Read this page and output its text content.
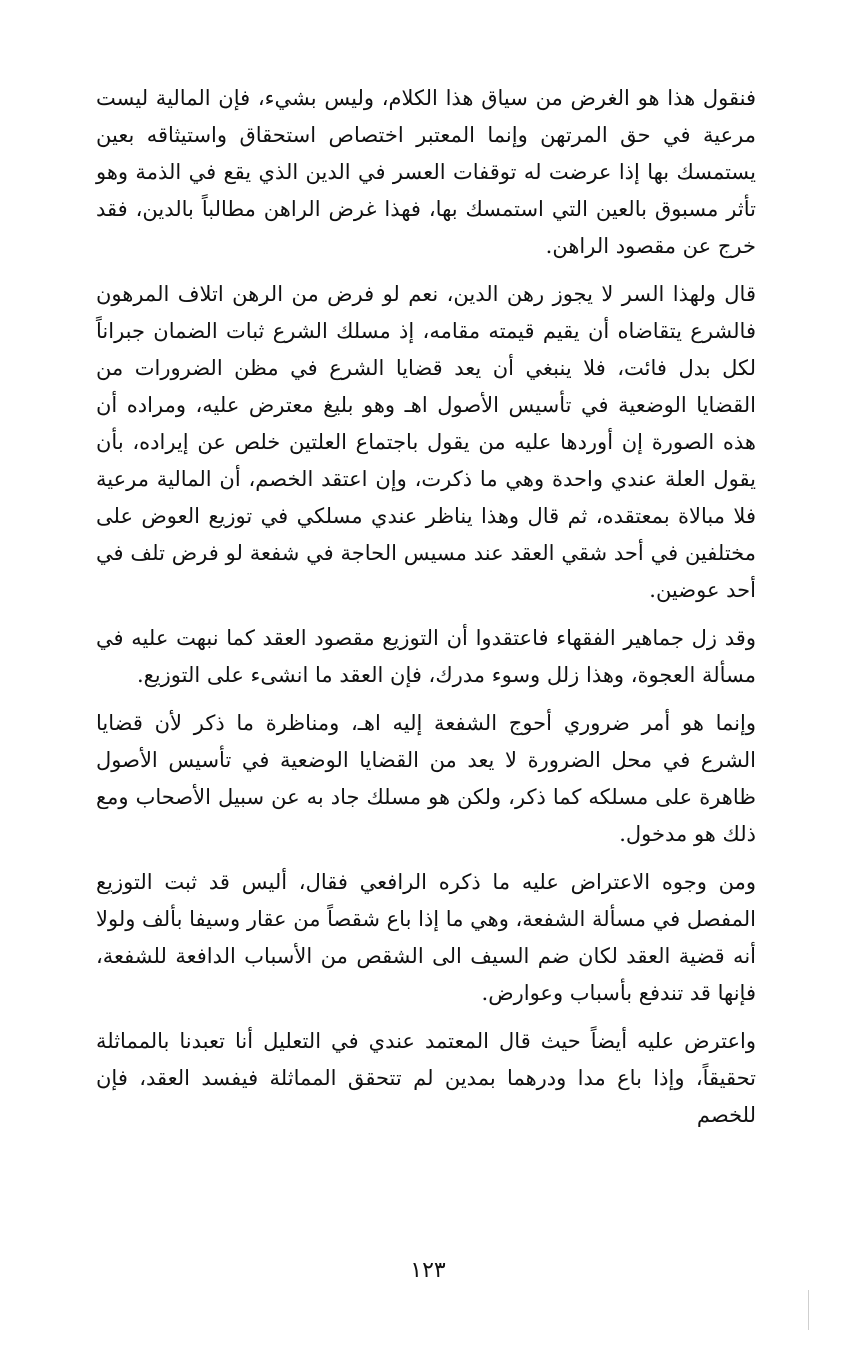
فنقول هذا هو الغرض من سياق هذا الكلام، وليس بشيء، فإن المالية ليست مرعية في حق المرتهن وإنما المعتبر اختصاص استحقاق واستيثاقه بعين يستمسك بها إذا عرضت له توقفات العسر في الدين الذي يقع في الذمة وهو تأثر مسبوق بالعين التي استمسك بها، فهذا غرض الراهن مطالباً بالدين، فقد خرج عن مقصود الراهن.

قال ولهذا السر لا يجوز رهن الدين، نعم لو فرض من الرهن اتلاف المرهون فالشرع يتقاضاه أن يقيم قيمته مقامه، إذ مسلك الشرع ثبات الضمان جبراناً لكل بدل فائت، فلا ينبغي أن يعد قضايا الشرع في مظن الضرورات من القضايا الوضعية في تأسيس الأصول اهـ وهو بليغ معترض عليه، ومراده أن هذه الصورة إن أوردها عليه من يقول باجتماع العلتين خلص عن إيراده، بأن يقول العلة عندي واحدة وهي ما ذكرت، وإن اعتقد الخصم، أن المالية مرعية فلا مبالاة بمعتقده، ثم قال وهذا يناظر عندي مسلكي في توزيع العوض على مختلفين في أحد شقي العقد عند مسيس الحاجة في شفعة لو فرض تلف في أحد عوضين.

وقد زل جماهير الفقهاء فاعتقدوا أن التوزيع مقصود العقد كما نبهت عليه في مسألة العجوة، وهذا زلل وسوء مدرك، فإن العقد ما انشىء على التوزيع.

وإنما هو أمر ضروري أحوج الشفعة إليه اهـ، ومناظرة ما ذكر لأن قضايا الشرع في محل الضرورة لا يعد من القضايا الوضعية في تأسيس الأصول ظاهرة على مسلكه كما ذكر، ولكن هو مسلك جاد به عن سبيل الأصحاب ومع ذلك هو مدخول.

ومن وجوه الاعتراض عليه ما ذكره الرافعي فقال، أليس قد ثبت التوزيع المفصل في مسألة الشفعة، وهي ما إذا باع شقصاً من عقار وسيفا بألف ولولا أنه قضية العقد لكان ضم السيف الى الشقص من الأسباب الدافعة للشفعة، فإنها قد تندفع بأسباب وعوارض.

واعترض عليه أيضاً حيث قال المعتمد عندي في التعليل أنا تعبدنا بالمماثلة تحقيقاً، وإذا باع مدا ودرهما بمدين لم تتحقق المماثلة فيفسد العقد، فإن للخصم

١٢٣
